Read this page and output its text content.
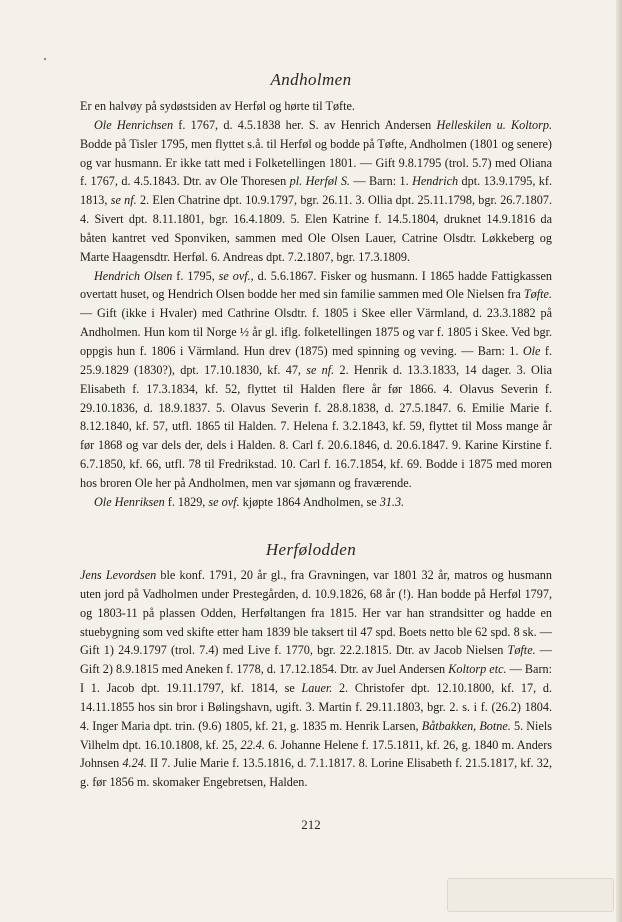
Andholmen

Er en halvøy på sydøstsiden av Herføl og hørte til Tøfte.

Ole Henrichsen f. 1767, d. 4.5.1838 her. S. av Henrich Andersen Helleskilen u. Koltorp. Bodde på Tisler 1795, men flyttet s.å. til Herføl og bodde på Tøfte, Andholmen (1801 og senere) og var husmann. Er ikke tatt med i Folketellingen 1801. — Gift 9.8.1795 (trol. 5.7) med Oliana f. 1767, d. 4.5.1843. Dtr. av Ole Thoresen pl. Herføl S. — Barn: 1. Hendrich dpt. 13.9.1795, kf. 1813, se nf. 2. Elen Chatrine dpt. 10.9.1797, bgr. 26.11. 3. Ollia dpt. 25.11.1798, bgr. 26.7.1807. 4. Sivert dpt. 8.11.1801, bgr. 16.4.1809. 5. Elen Katrine f. 14.5.1804, druknet 14.9.1816 da båten kantret ved Sponviken, sammen med Ole Olsen Lauer, Catrine Olsdtr. Løkkeberg og Marte Haagensdtr. Herføl. 6. Andreas dpt. 7.2.1807, bgr. 17.3.1809.

Hendrich Olsen f. 1795, se ovf., d. 5.6.1867. Fisker og husmann. I 1865 hadde Fattigkassen overtatt huset, og Hendrich Olsen bodde her med sin familie sammen med Ole Nielsen fra Tøfte. — Gift (ikke i Hvaler) med Cathrine Olsdtr. f. 1805 i Skee eller Värmland, d. 23.3.1882 på Andholmen. Hun kom til Norge ½ år gl. iflg. folketellingen 1875 og var f. 1805 i Skee. Ved bgr. oppgis hun f. 1806 i Värmland. Hun drev (1875) med spinning og veving. — Barn: 1. Ole f. 25.9.1829 (1830?), dpt. 17.10.1830, kf. 47, se nf. 2. Henrik d. 13.3.1833, 14 dager. 3. Olia Elisabeth f. 17.3.1834, kf. 52, flyttet til Halden flere år før 1866. 4. Olavus Severin f. 29.10.1836, d. 18.9.1837. 5. Olavus Severin f. 28.8.1838, d. 27.5.1847. 6. Emilie Marie f. 8.12.1840, kf. 57, utfl. 1865 til Halden. 7. Helena f. 3.2.1843, kf. 59, flyttet til Moss mange år før 1868 og var dels der, dels i Halden. 8. Carl f. 20.6.1846, d. 20.6.1847. 9. Karine Kirstine f. 6.7.1850, kf. 66, utfl. 78 til Fredrikstad. 10. Carl f. 16.7.1854, kf. 69. Bodde i 1875 med moren hos broren Ole her på Andholmen, men var sjømann og fraværende.

Ole Henriksen f. 1829, se ovf. kjøpte 1864 Andholmen, se 31.3.

Herfølodden

Jens Levordsen ble konf. 1791, 20 år gl., fra Gravningen, var 1801 32 år, matros og husmann uten jord på Vadholmen under Prestegården, d. 10.9.1826, 68 år (!). Han bodde på Herføl 1797, og 1803-11 på plassen Odden, Herføltangen fra 1815. Her var han strandsitter og hadde en stuebygning som ved skifte etter ham 1839 ble taksert til 47 spd. Boets netto ble 62 spd. 8 sk. — Gift 1) 24.9.1797 (trol. 7.4) med Live f. 1770, bgr. 22.2.1815. Dtr. av Jacob Nielsen Tøfte. — Gift 2) 8.9.1815 med Aneken f. 1778, d. 17.12.1854. Dtr. av Juel Andersen Koltorp etc. — Barn: I 1. Jacob dpt. 19.11.1797, kf. 1814, se Lauer. 2. Christofer dpt. 12.10.1800, kf. 17, d. 14.11.1855 hos sin bror i Bølingshavn, ugift. 3. Martin f. 29.11.1803, bgr. 2. s. i f. (26.2) 1804. 4. Inger Maria dpt. trin. (9.6) 1805, kf. 21, g. 1835 m. Henrik Larsen, Båtbakken, Botne. 5. Niels Vilhelm dpt. 16.10.1808, kf. 25, 22.4. 6. Johanne Helene f. 17.5.1811, kf. 26, g. 1840 m. Anders Johnsen 4.24. II 7. Julie Marie f. 13.5.1816, d. 7.1.1817. 8. Lorine Elisabeth f. 21.5.1817, kf. 32, g. før 1856 m. skomaker Engebretsen, Halden.

212
